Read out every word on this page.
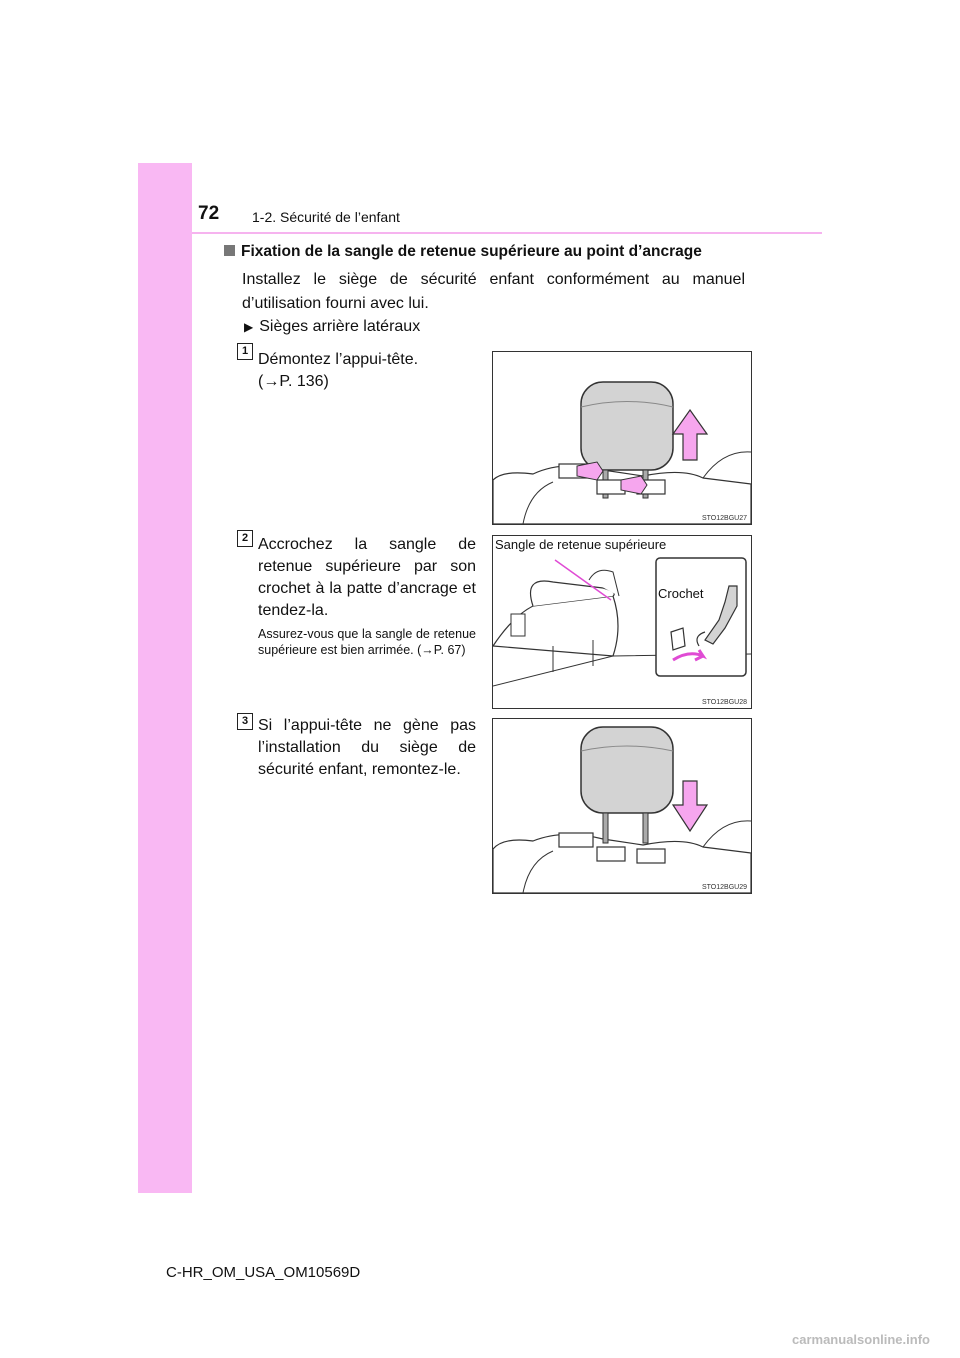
72 1-2. Sécurité de l’enfant
Fixation de la sangle de retenue supérieure au point d’ancrage
Installez le siège de sécurité enfant conformément au manuel d’utilisation fourni avec lui.
▶ Sièges arrière latéraux
1 Démontez l’appui-tête.
(→P. 136)
STO12BGU27
2 Accrochez la sangle de retenue supérieure par son crochet à la patte d’ancrage et tendez-la.
Assurez-vous que la sangle de retenue supérieure est bien arrimée. (→P. 67)
Sangle de retenue supérieure
Crochet
STO12BGU28
3 Si l’appui-tête ne gène pas l’installation du siège de sécurité enfant, remontez-le.
STO12BGU29
C-HR_OM_USA_OM10569D
carmanualsonline.info
